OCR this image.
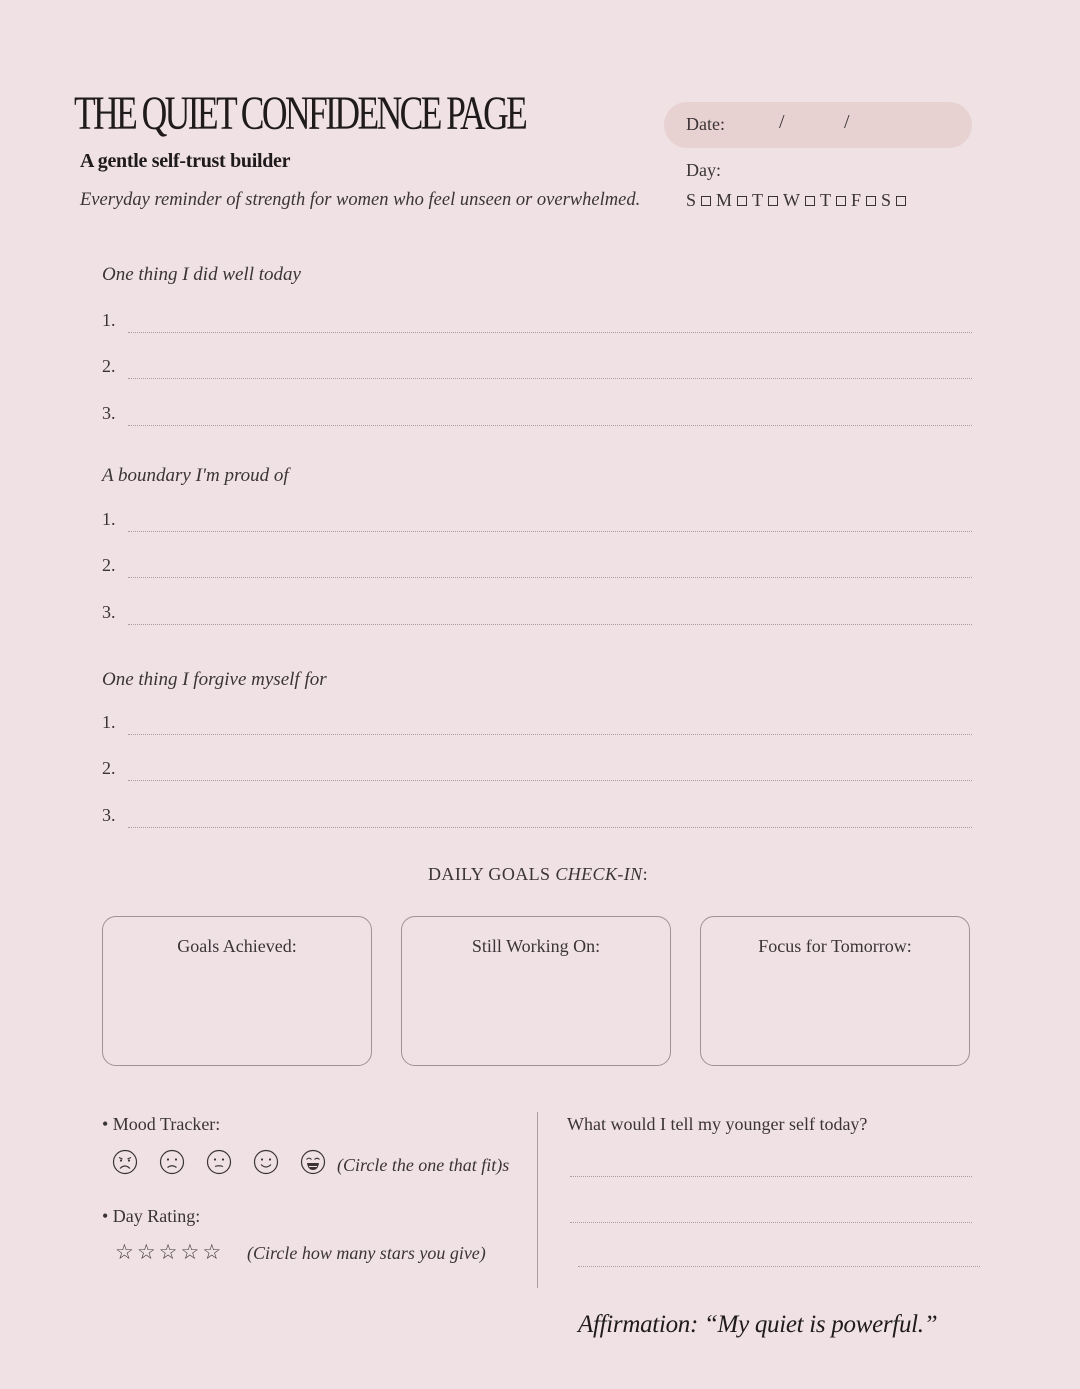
THE QUIET CONFIDENCE PAGE
A gentle self-trust builder
Everyday reminder of strength for women who feel unseen or overwhelmed.
Date:	/	/
Day:
S M T W T F S
One thing I did well today
1.
2.
3.
A boundary I'm proud of
1.
2.
3.
One thing I forgive myself for
1.
2.
3.
DAILY GOALS CHECK-IN:
Goals Achieved:	Still Working On:	Focus for Tomorrow:
• Mood Tracker:
(Circle the one that fit)s
• Day Rating:
☆ ☆ ☆ ☆ ☆ (Circle how many stars you give)
What would I tell my younger self today?
Affirmation: “My quiet is powerful.”
